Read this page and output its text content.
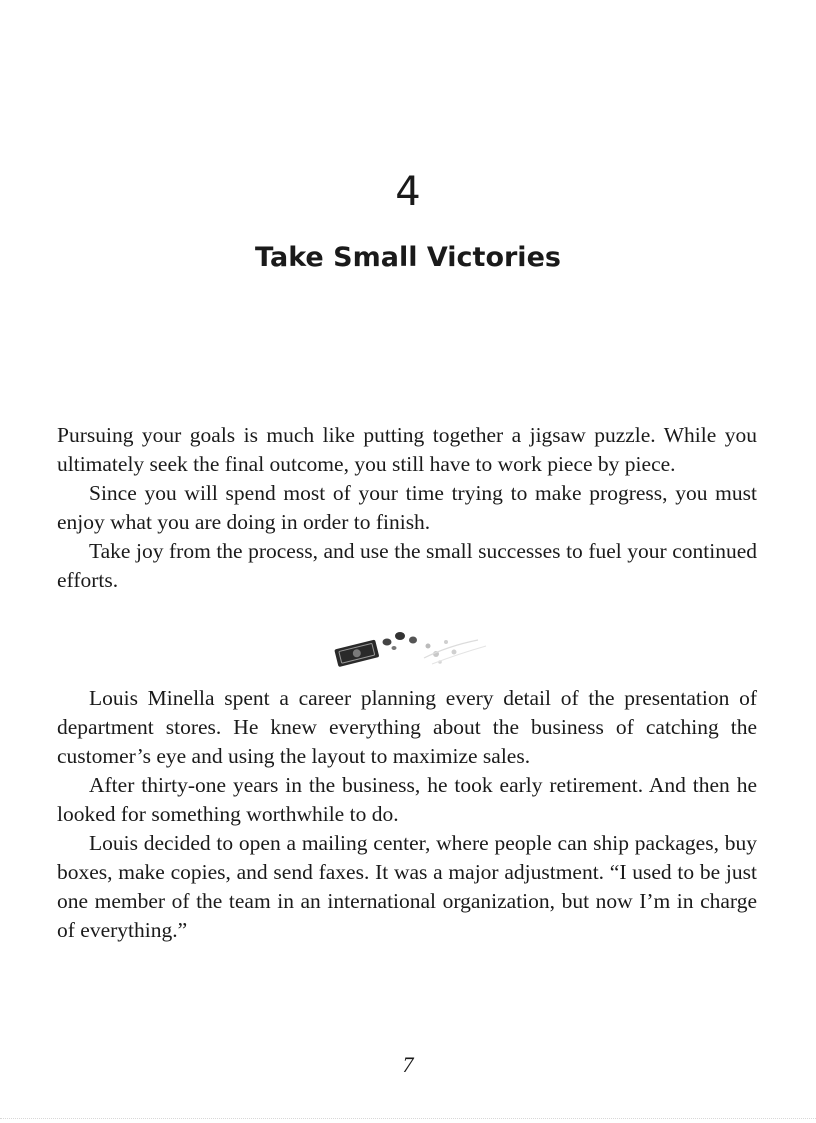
4
Take Small Victories

Pursuing your goals is much like putting together a jigsaw puzzle. While you ultimately seek the final outcome, you still have to work piece by piece.

Since you will spend most of your time trying to make progress, you must enjoy what you are doing in order to finish.

Take joy from the process, and use the small successes to fuel your continued efforts.

Louis Minella spent a career planning every detail of the presentation of department stores. He knew everything about the business of catching the customer’s eye and using the layout to maximize sales.

After thirty-one years in the business, he took early retirement. And then he looked for something worthwhile to do.

Louis decided to open a mailing center, where people can ship packages, buy boxes, make copies, and send faxes. It was a major adjustment. “I used to be just one member of the team in an international organization, but now I’m in charge of everything.”

7
